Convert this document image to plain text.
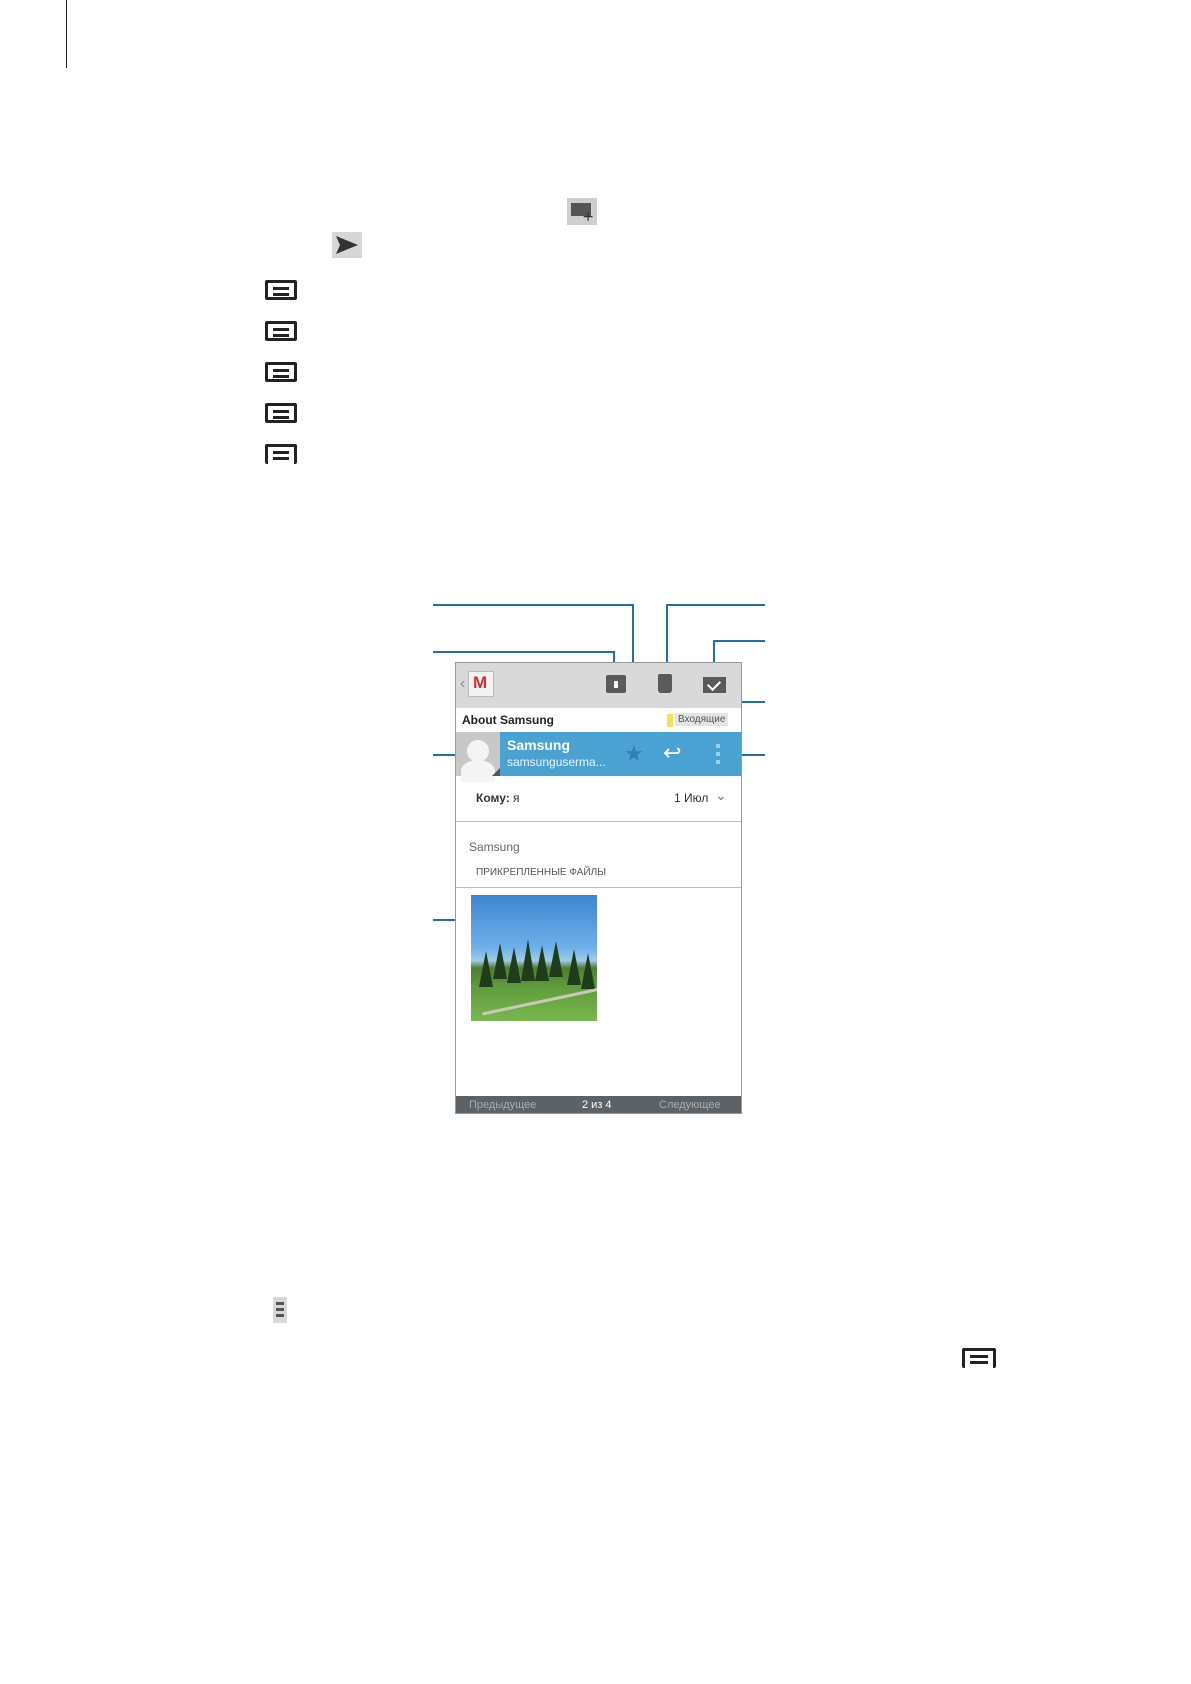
+
‹ M
About Samsung	Входящие
Samsung
samsunguserma... ★ ↩
Кому: я	1 Июл ⌄
Samsung
ПРИКРЕПЛЕННЫЕ ФАЙЛЫ
Предыдущее	2 из 4	Следующее
